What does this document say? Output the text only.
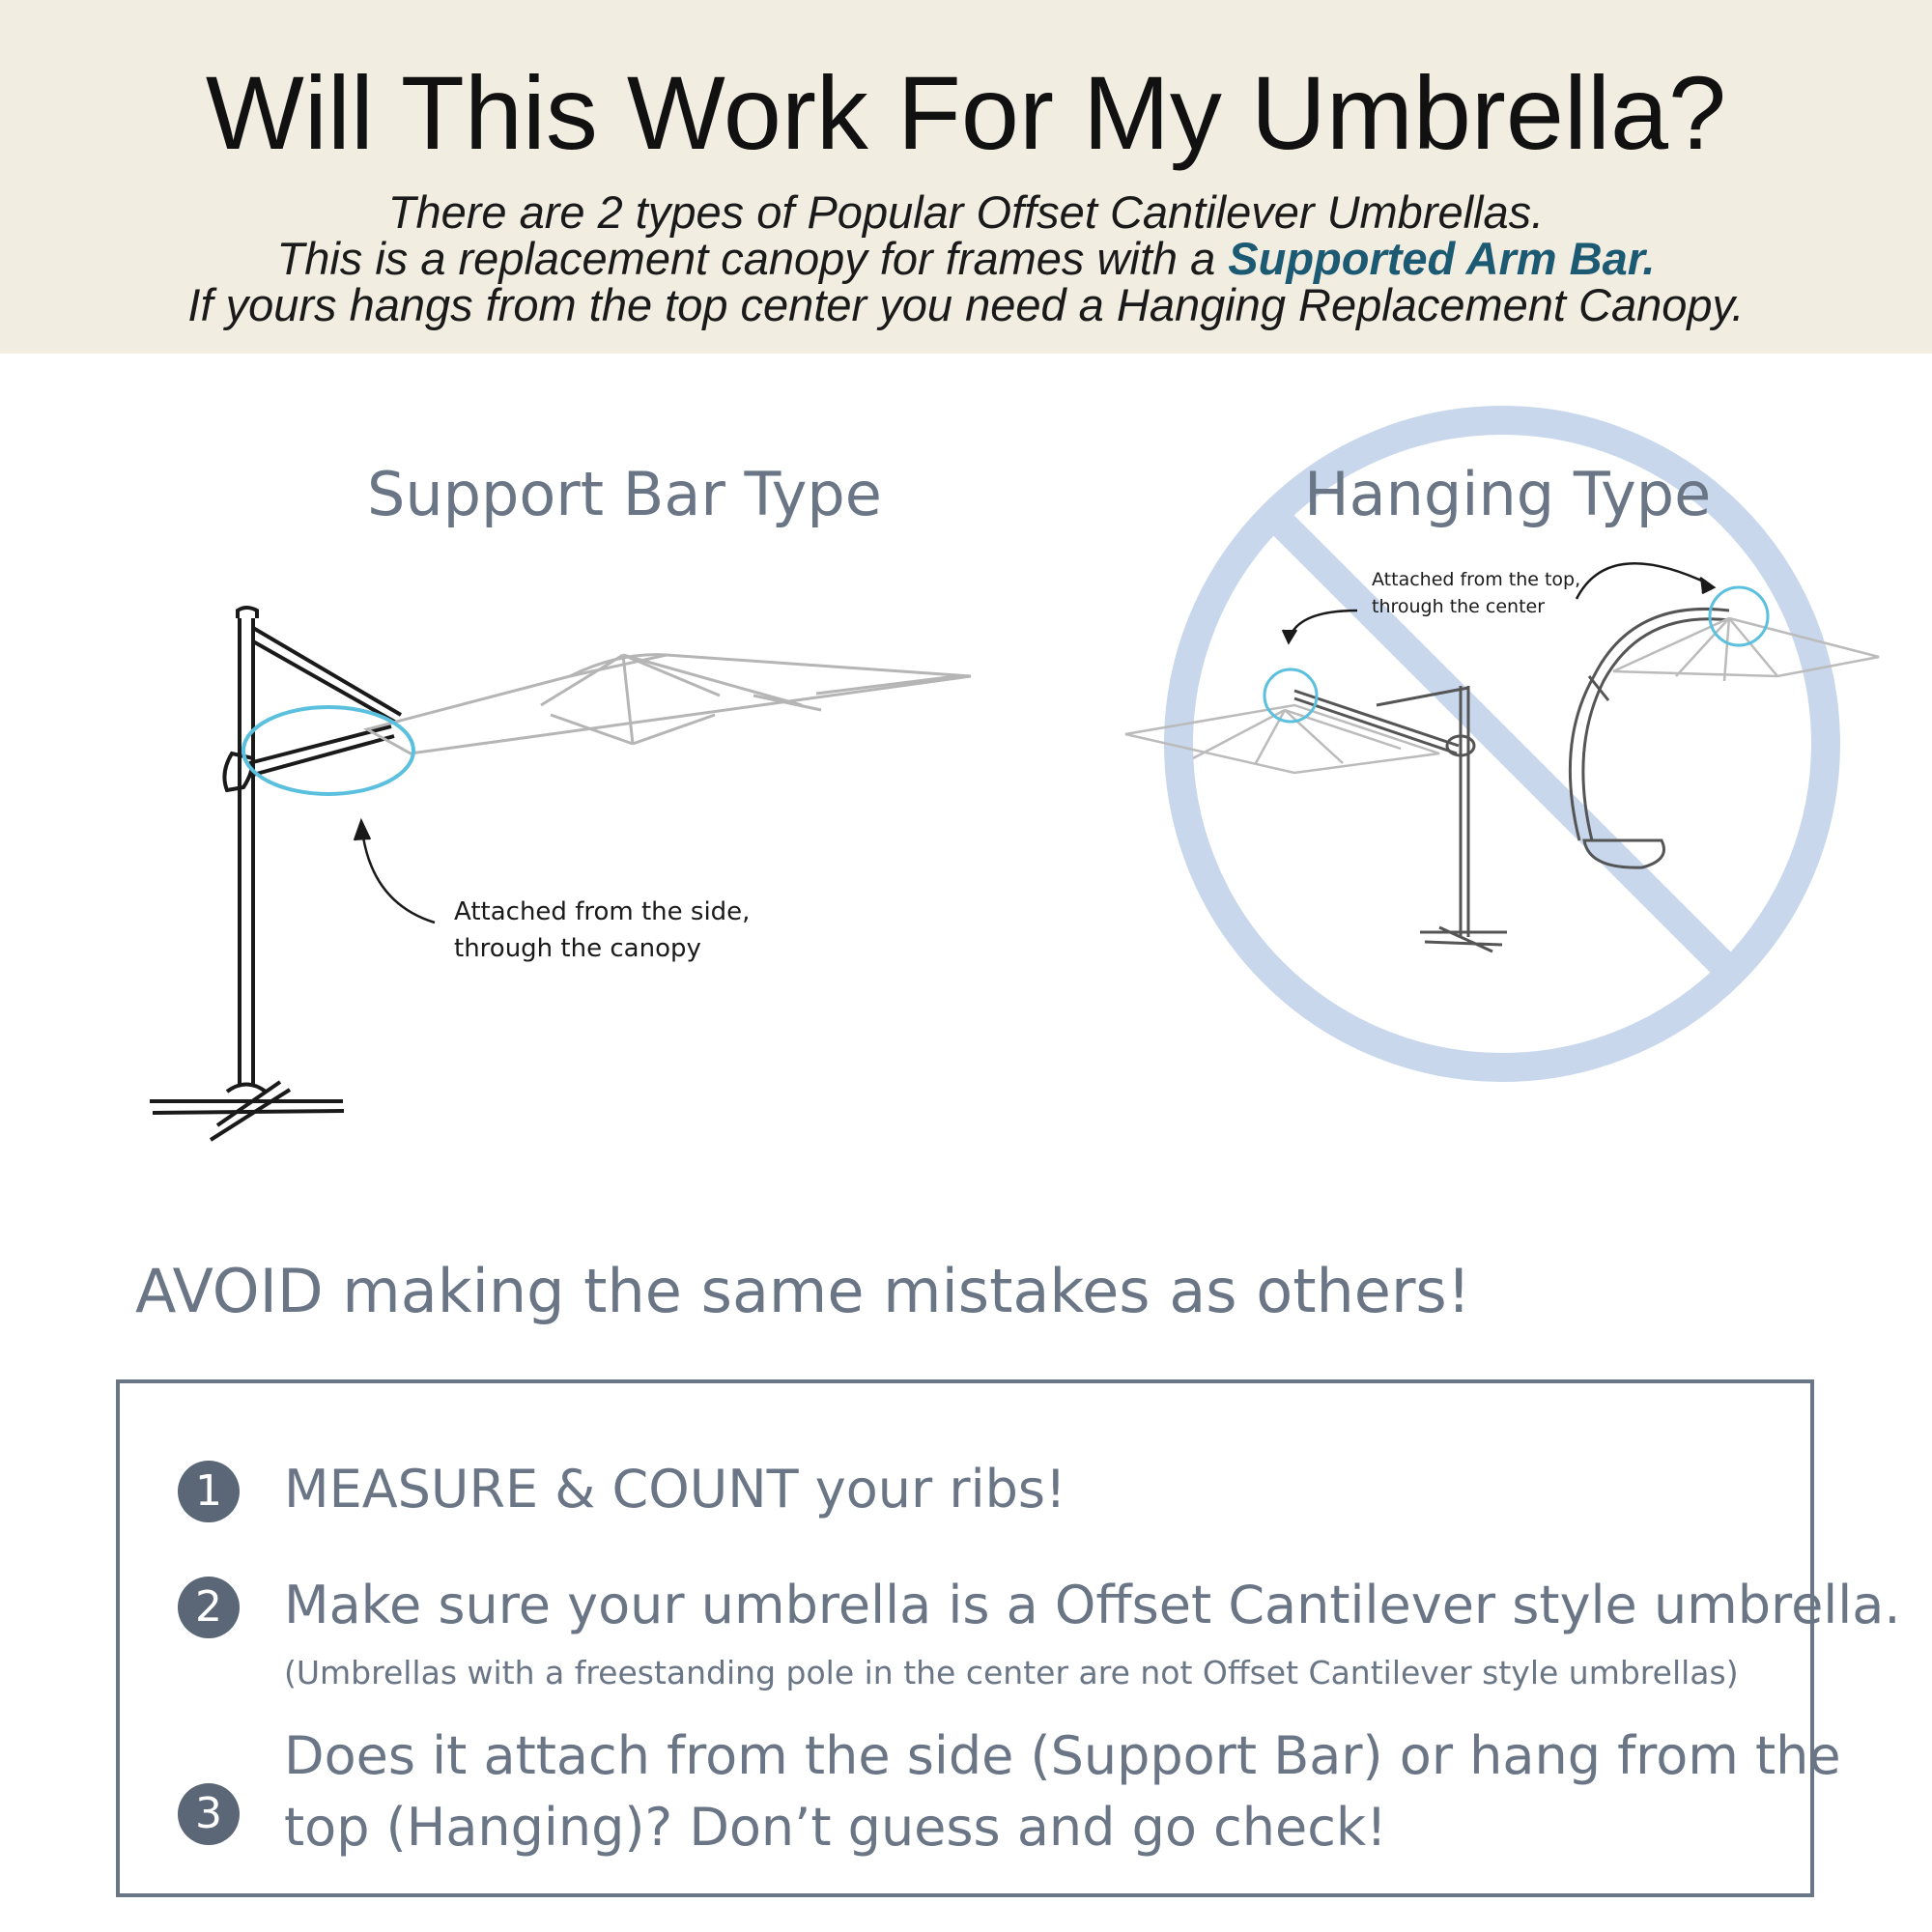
Will This Work For My Umbrella?
There are 2 types of Popular Offset Cantilever Umbrellas.
This is a replacement canopy for frames with a Supported Arm Bar.
If yours hangs from the top center you need a Hanging Replacement Canopy.
Support Bar Type	Hanging Type
Attached from the side,
through the canopy
Attached from the top,
through the center
AVOID making the same mistakes as others!
1	MEASURE & COUNT your ribs!
2	Make sure your umbrella is a Offset Cantilever style umbrella.
(Umbrellas with a freestanding pole in the center are not Offset Cantilever style umbrellas)
3
Does it attach from the side (Support Bar) or hang from the
top (Hanging)? Don’t guess and go check!
